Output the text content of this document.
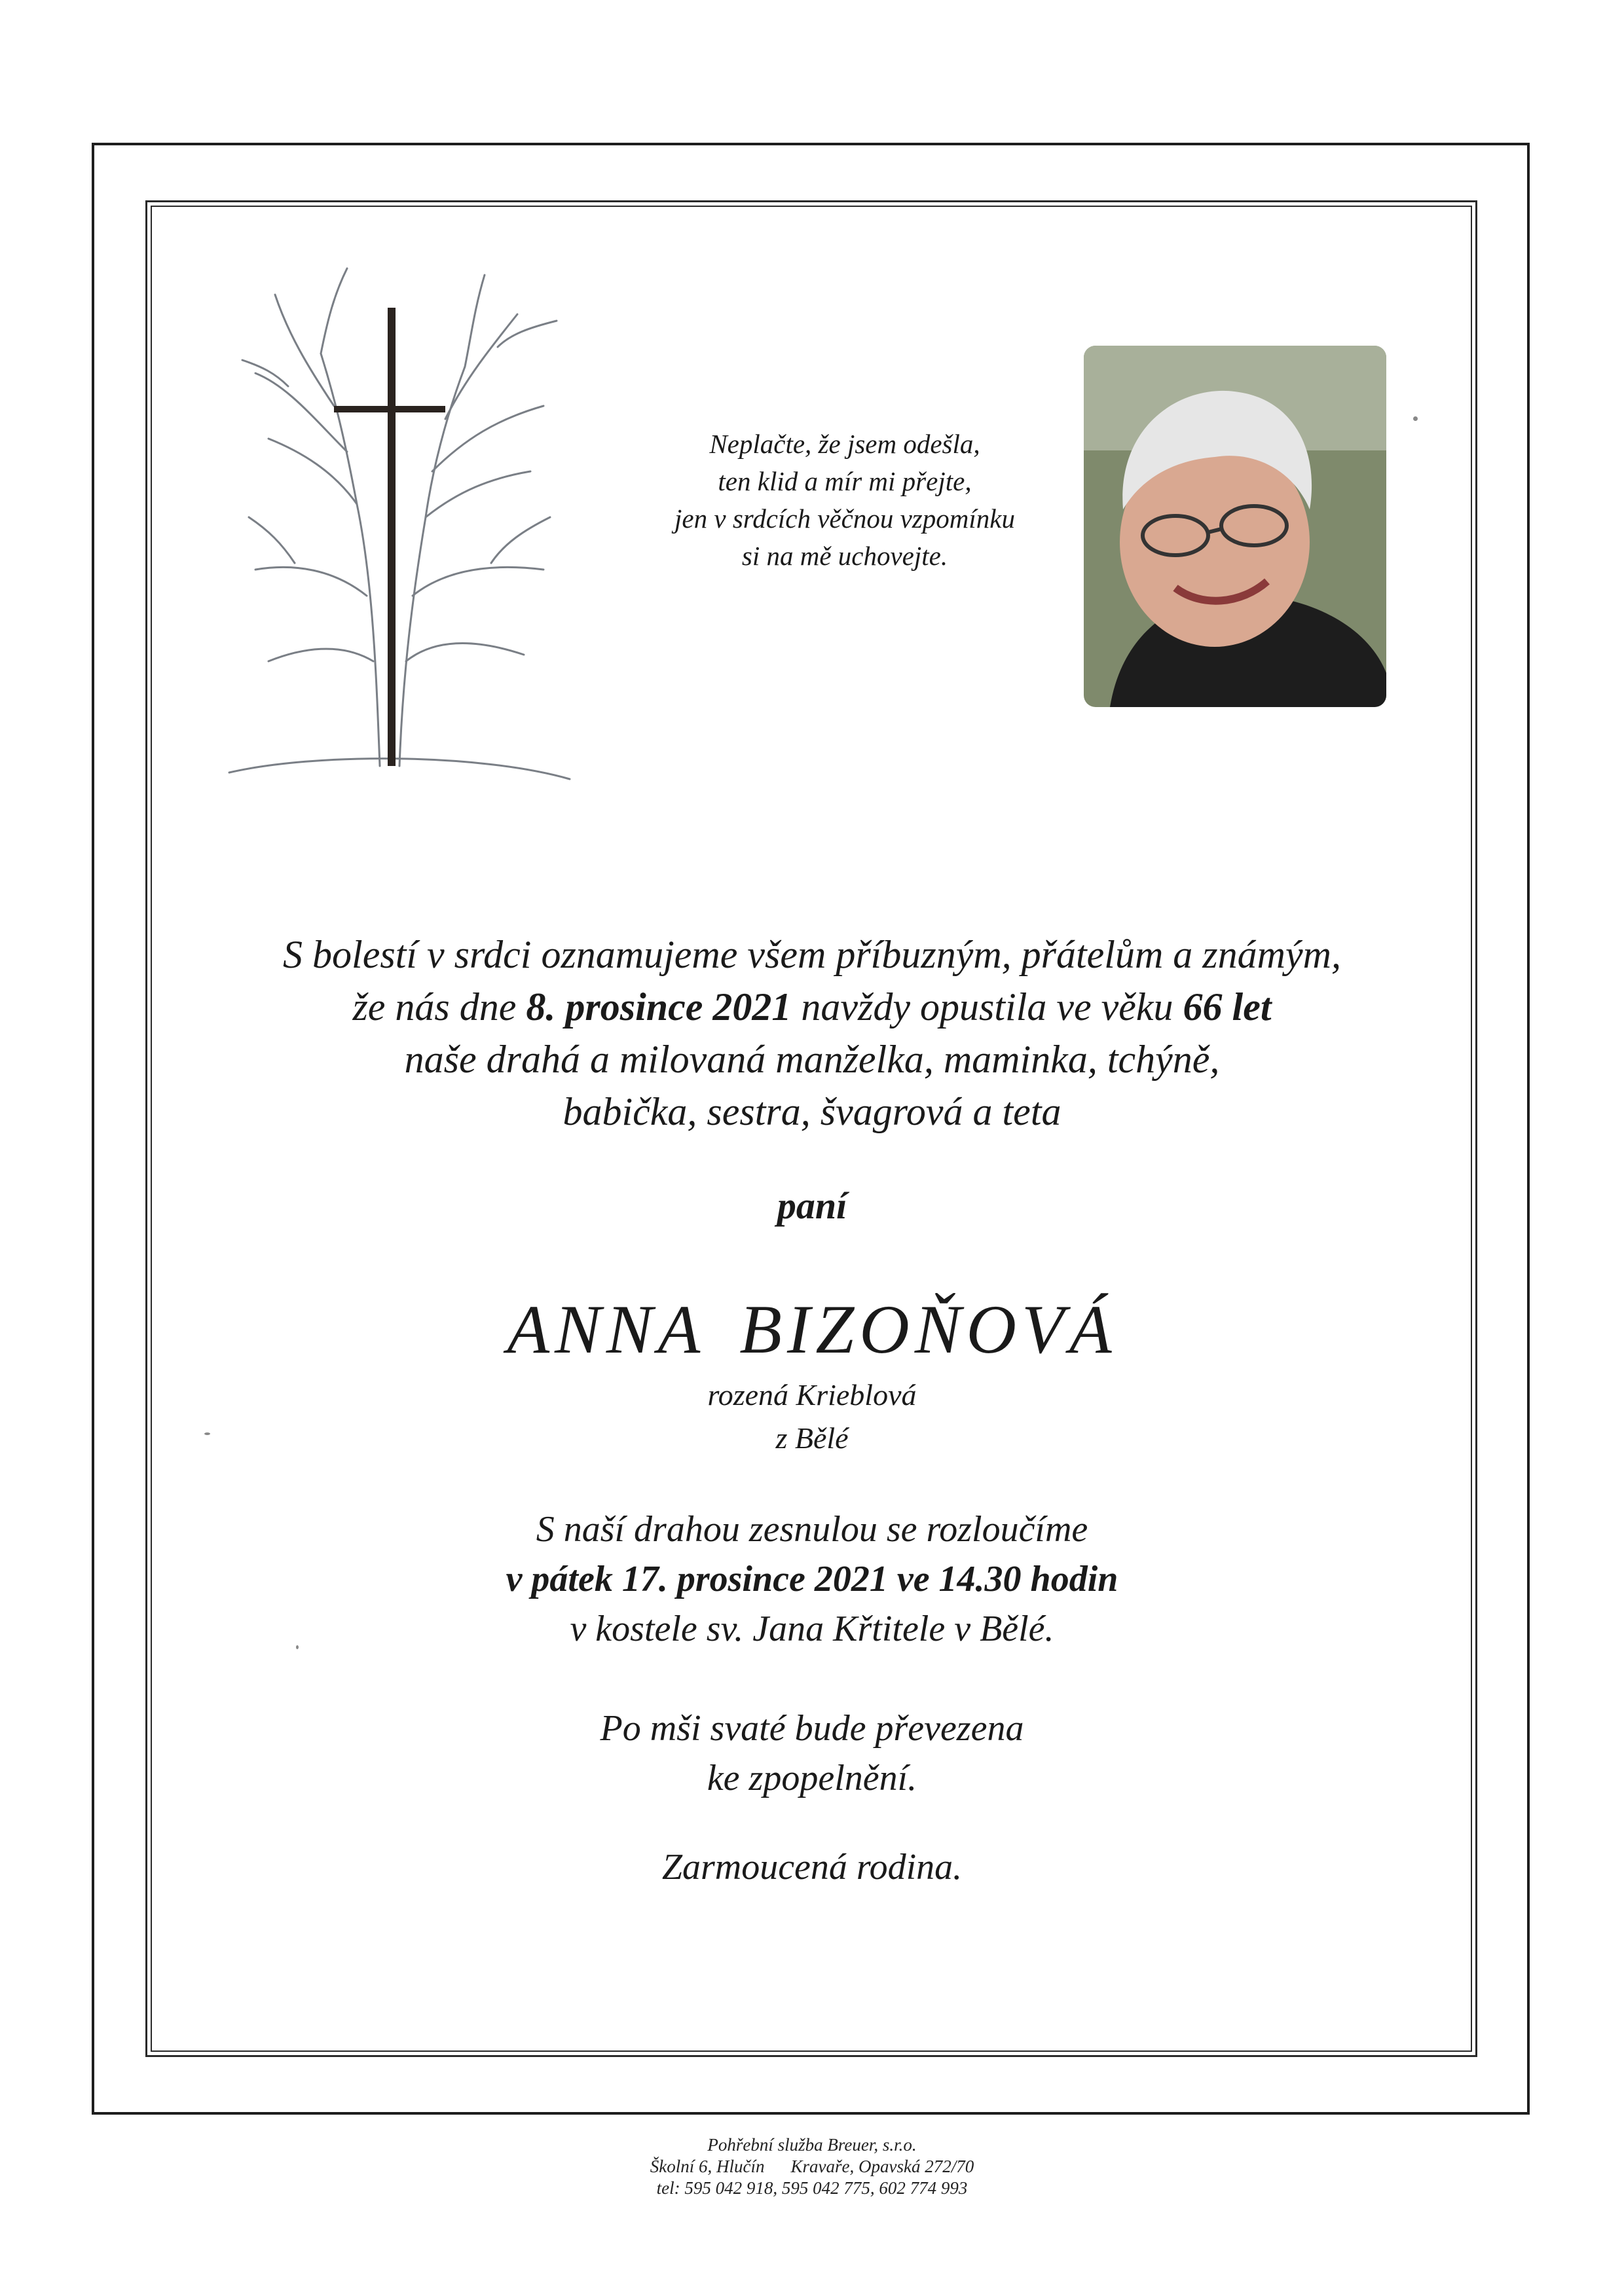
Neplačte, že jsem odešla,
ten klid a mír mi přejte,
jen v srdcích věčnou vzpomínku
si na mě uchovejte.
S bolestí v srdci oznamujeme všem příbuzným, přátelům a známým,
že nás dne 8. prosince 2021 navždy opustila ve věku 66 let
naše drahá a milovaná manželka, maminka, tchýně,
babička, sestra, švagrová a teta
paní
ANNA BIZOŇOVÁ
rozená Krieblová
z Bělé
S naší drahou zesnulou se rozloučíme
v pátek 17. prosince 2021 ve 14.30 hodin
v kostele sv. Jana Křtitele v Bělé.
Po mši svaté bude převezena
ke zpopelnění.
Zarmoucená rodina.
Pohřební služba Breuer, s.r.o.
Školní 6, Hlučín Kravaře, Opavská 272/70
tel: 595 042 918, 595 042 775, 602 774 993
